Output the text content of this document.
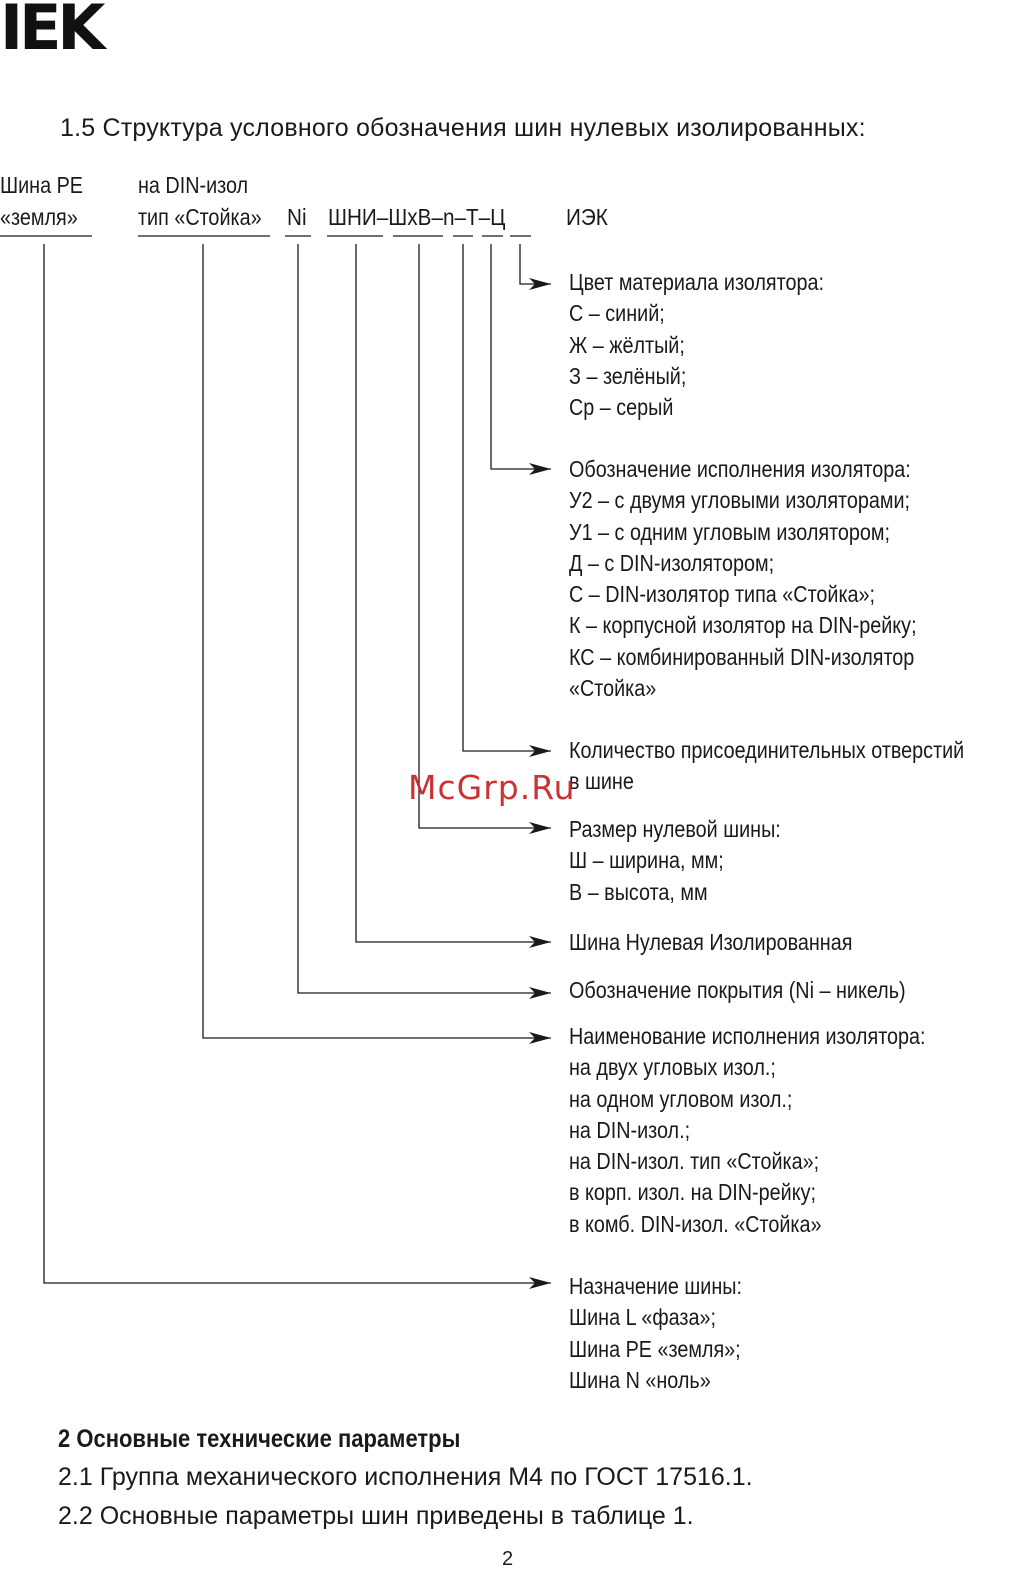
IEK
1.5 Структура условного обозначения шин нулевых изолированных:
Шина PE
«земля»
на DIN-изол
тип «Стойка» Ni ШНИ–ШхВ–n–Т–Ц	ИЭК
Цвет материала изолятора:
С – синий;
Ж – жёлтый;
З – зелёный;
Ср – серый
Обозначение исполнения изолятора:
У2 – с двумя угловыми изоляторами;
У1 – с одним угловым изолятором;
Д – с DIN-изолятором;
С – DIN-изолятор типа «Стойка»;
К – корпусной изолятор на DIN-рейку;
КС – комбинированный DIN-изолятор
«Стойка»
Количество присоединительных отверстий
в шине
Размер нулевой шины:
Ш – ширина, мм;
В – высота, мм
Шина Нулевая Изолированная
Обозначение покрытия (Ni – никель)
Наименование исполнения изолятора:
на двух угловых изол.;
на одном угловом изол.;
на DIN-изол.;
на DIN-изол. тип «Стойка»;
в корп. изол. на DIN-рейку;
в комб. DIN-изол. «Стойка»
Назначение шины:
Шина L «фаза»;
Шина PE «земля»;
Шина N «ноль»
McGrp.Ru
2 Основные технические параметры
2.1 Группа механического исполнения М4 по ГОСТ 17516.1.
2.2 Основные параметры шин приведены в таблице 1.
2
